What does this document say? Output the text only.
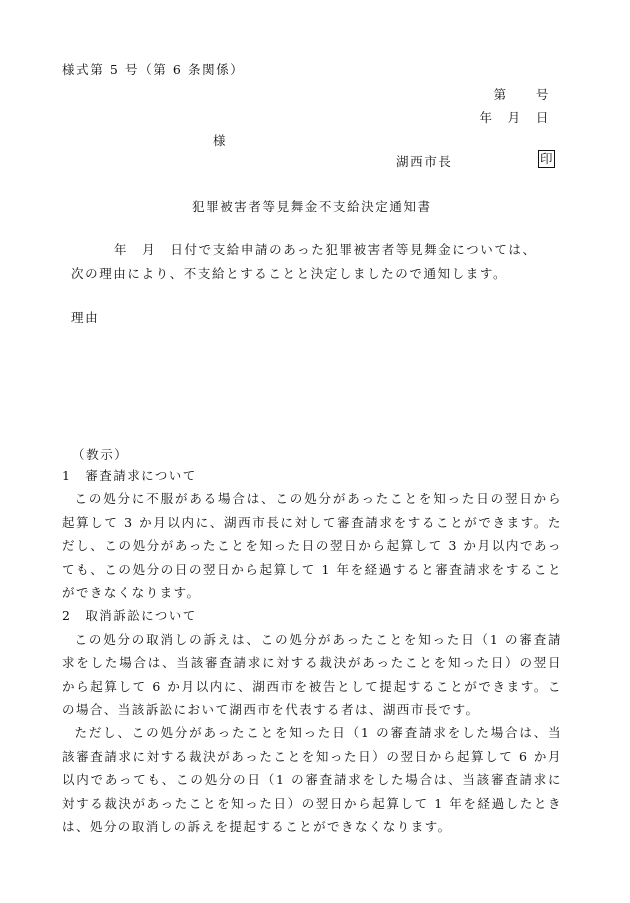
様式第 5 号（第 6 条関係）
第　　号
年　月　日
様
湖西市長	印
犯罪被害者等見舞金不支給決定通知書
年　月　日付で支給申請のあった犯罪被害者等見舞金については、
次の理由により、不支給とすることと決定しましたので通知します。
理由
（教示）

1　審査請求について

この処分に不服がある場合は、この処分があったことを知った日の翌日から起算して 3 か月以内に、湖西市長に対して審査請求をすることができます。ただし、この処分があったことを知った日の翌日から起算して 3 か月以内であっても、この処分の日の翌日から起算して 1 年を経過すると審査請求をすることができなくなります。

2　取消訴訟について

この処分の取消しの訴えは、この処分があったことを知った日（1 の審査請求をした場合は、当該審査請求に対する裁決があったことを知った日）の翌日から起算して 6 か月以内に、湖西市を被告として提起することができます。この場合、当該訴訟において湖西市を代表する者は、湖西市長です。

ただし、この処分があったことを知った日（1 の審査請求をした場合は、当該審査請求に対する裁決があったことを知った日）の翌日から起算して 6 か月以内であっても、この処分の日（1 の審査請求をした場合は、当該審査請求に対する裁決があったことを知った日）の翌日から起算して 1 年を経過したときは、処分の取消しの訴えを提起することができなくなります。
